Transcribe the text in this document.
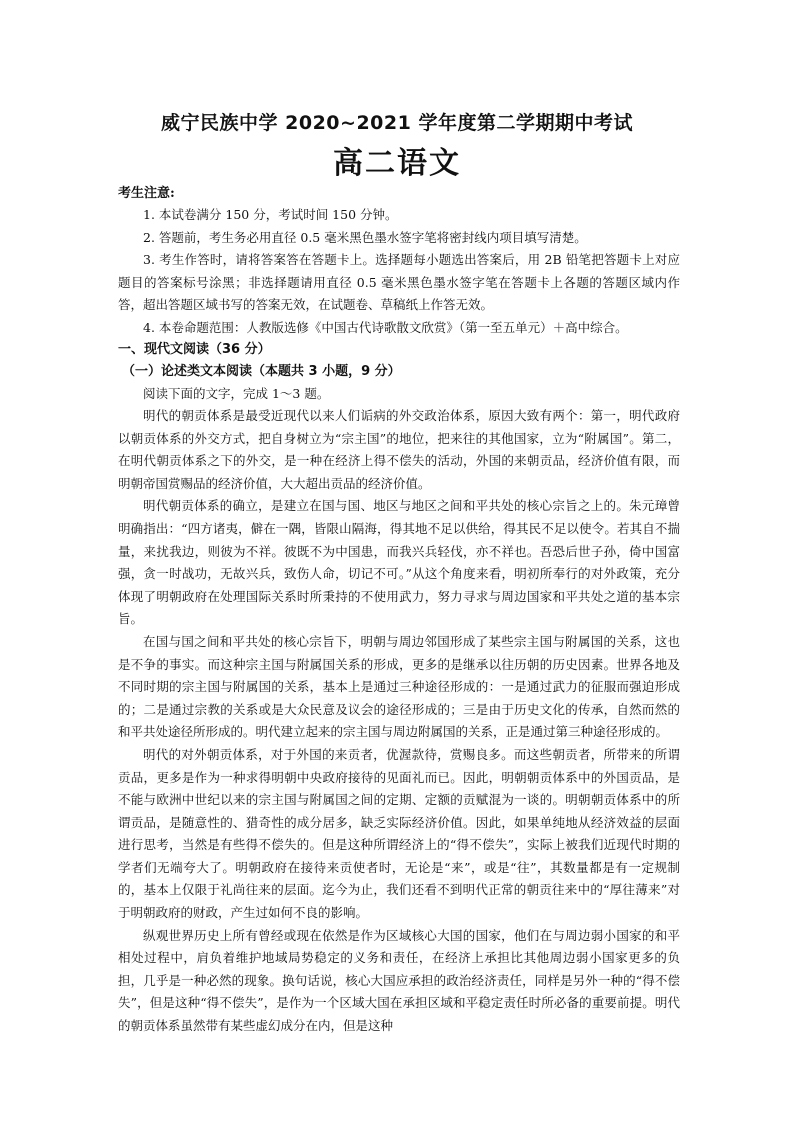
威宁民族中学 2020~2021 学年度第二学期期中考试
高二语文

考生注意:

1. 本试卷满分 150 分，考试时间 150 分钟。

2. 答题前，考生务必用直径 0.5 毫米黑色墨水签字笔将密封线内项目填写清楚。

3. 考生作答时，请将答案答在答题卡上。选择题每小题选出答案后，用 2B 铅笔把答题卡上对应题目的答案标号涂黑；非选择题请用直径 0.5 毫米黑色墨水签字笔在答题卡上各题的答题区域内作答，超出答题区域书写的答案无效，在试题卷、草稿纸上作答无效。

4. 本卷命题范围：人教版选修《中国古代诗歌散文欣赏》（第一至五单元）＋高中综合。

一、现代文阅读（36 分）

（一）论述类文本阅读（本题共 3 小题，9 分）

阅读下面的文字，完成 1～3 题。

明代的朝贡体系是最受近现代以来人们诟病的外交政治体系，原因大致有两个：第一，明代政府以朝贡体系的外交方式，把自身树立为“宗主国”的地位，把来往的其他国家，立为“附属国”。第二，在明代朝贡体系之下的外交，是一种在经济上得不偿失的活动，外国的来朝贡品，经济价值有限，而明朝帝国赏赐品的经济价值，大大超出贡品的经济价值。

明代朝贡体系的确立，是建立在国与国、地区与地区之间和平共处的核心宗旨之上的。朱元璋曾明确指出：“四方诸夷，僻在一隅，皆限山隔海，得其地不足以供给，得其民不足以使令。若其自不揣量，来扰我边，则彼为不祥。彼既不为中国患，而我兴兵轻伐，亦不祥也。吾恐后世子孙，倚中国富强，贪一时战功，无故兴兵，致伤人命，切记不可。”从这个角度来看，明初所奉行的对外政策，充分体现了明朝政府在处理国际关系时所秉持的不使用武力，努力寻求与周边国家和平共处之道的基本宗旨。

在国与国之间和平共处的核心宗旨下，明朝与周边邻国形成了某些宗主国与附属国的关系，这也是不争的事实。而这种宗主国与附属国关系的形成，更多的是继承以往历朝的历史因素。世界各地及不同时期的宗主国与附属国的关系，基本上是通过三种途径形成的：一是通过武力的征服而强迫形成的；二是通过宗教的关系或是大众民意及议会的途径形成的；三是由于历史文化的传承，自然而然的和平共处途径所形成的。明代建立起来的宗主国与周边附属国的关系，正是通过第三种途径形成的。

明代的对外朝贡体系，对于外国的来贡者，优渥款待，赏赐良多。而这些朝贡者，所带来的所谓贡品，更多是作为一种求得明朝中央政府接待的见面礼而已。因此，明朝朝贡体系中的外国贡品，是不能与欧洲中世纪以来的宗主国与附属国之间的定期、定额的贡赋混为一谈的。明朝朝贡体系中的所谓贡品，是随意性的、猎奇性的成分居多，缺乏实际经济价值。因此，如果单纯地从经济效益的层面进行思考，当然是有些得不偿失的。但是这种所谓经济上的“得不偿失”，实际上被我们近现代时期的学者们无端夸大了。明朝政府在接待来贡使者时，无论是“来”，或是“往”，其数量都是有一定规制的，基本上仅限于礼尚往来的层面。迄今为止，我们还看不到明代正常的朝贡往来中的“厚往薄来”对于明朝政府的财政，产生过如何不良的影响。

纵观世界历史上所有曾经或现在依然是作为区域核心大国的国家，他们在与周边弱小国家的和平相处过程中，肩负着维护地域局势稳定的义务和责任，在经济上承担比其他周边弱小国家更多的负担，几乎是一种必然的现象。换句话说，核心大国应承担的政治经济责任，同样是另外一种的“得不偿失”，但是这种“得不偿失”，是作为一个区域大国在承担区域和平稳定责任时所必备的重要前提。明代的朝贡体系虽然带有某些虚幻成分在内，但是这种
